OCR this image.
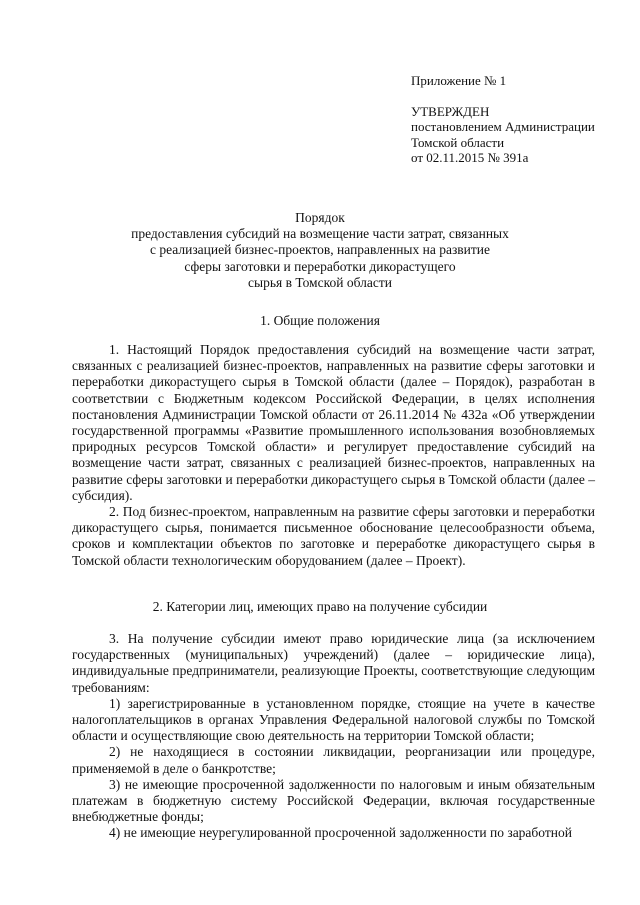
Приложение № 1
УТВЕРЖДЕН
постановлением Администрации
Томской области
от 02.11.2015 № 391а
Порядок
предоставления субсидий на возмещение части затрат, связанных
с реализацией бизнес-проектов, направленных на развитие
сферы заготовки и переработки дикорастущего
сырья в Томской области
1. Общие положения

1. Настоящий Порядок предоставления субсидий на возмещение части затрат, связанных с реализацией бизнес-проектов, направленных на развитие сферы заготовки и переработки дикорастущего сырья в Томской области (далее – Порядок), разработан в соответствии с Бюджетным кодексом Российской Федерации, в целях исполнения постановления Администрации Томской области от 26.11.2014 № 432а «Об утверждении государственной программы «Развитие промышленного использования возобновляемых природных ресурсов Томской области» и регулирует предоставление субсидий на возмещение части затрат, связанных с реализацией бизнес-проектов, направленных на развитие сферы заготовки и переработки дикорастущего сырья в Томской области (далее – субсидия).

2. Под бизнес-проектом, направленным на развитие сферы заготовки и переработки дикорастущего сырья, понимается письменное обоснование целесообразности объема, сроков и комплектации объектов по заготовке и переработке дикорастущего сырья в Томской области технологическим оборудованием (далее – Проект).

2. Категории лиц, имеющих право на получение субсидии

3. На получение субсидии имеют право юридические лица (за исключением государственных (муниципальных) учреждений) (далее – юридические лица), индивидуальные предприниматели, реализующие Проекты, соответствующие следующим требованиям:

1) зарегистрированные в установленном порядке, стоящие на учете в качестве налогоплательщиков в органах Управления Федеральной налоговой службы по Томской области и осуществляющие свою деятельность на территории Томской области;

2) не находящиеся в состоянии ликвидации, реорганизации или процедуре, применяемой в деле о банкротстве;

3) не имеющие просроченной задолженности по налоговым и иным обязательным платежам в бюджетную систему Российской Федерации, включая государственные внебюджетные фонды;

4) не имеющие неурегулированной просроченной задолженности по заработной
